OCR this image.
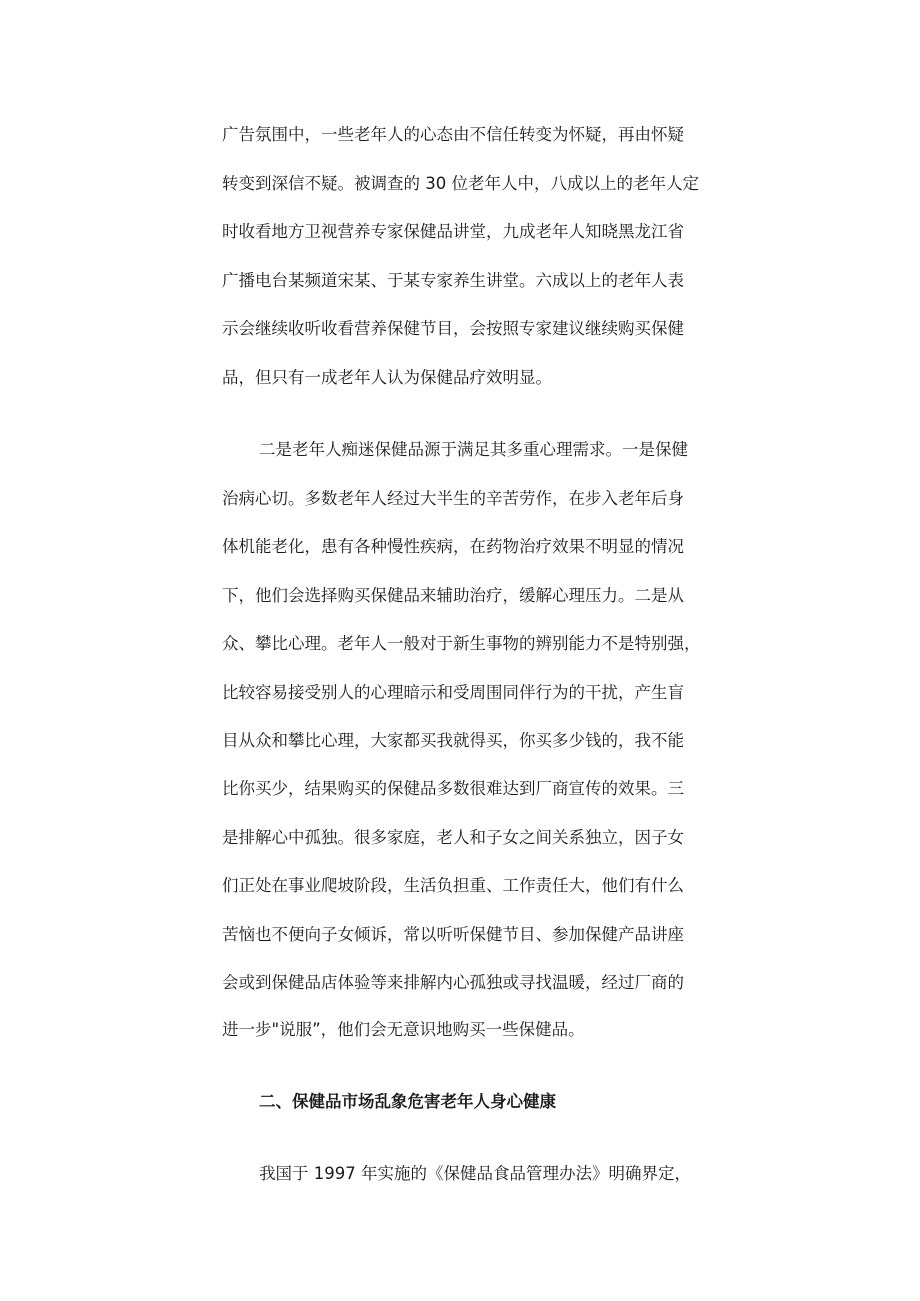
广告氛围中，一些老年人的心态由不信任转变为怀疑，再由怀疑
转变到深信不疑。被调查的 30 位老年人中，八成以上的老年人定
时收看地方卫视营养专家保健品讲堂，九成老年人知晓黑龙江省
广播电台某频道宋某、于某专家养生讲堂。六成以上的老年人表
示会继续收听收看营养保健节目，会按照专家建议继续购买保健
品，但只有一成老年人认为保健品疗效明显。
二是老年人痴迷保健品源于满足其多重心理需求。一是保健
治病心切。多数老年人经过大半生的辛苦劳作，在步入老年后身
体机能老化，患有各种慢性疾病，在药物治疗效果不明显的情况
下，他们会选择购买保健品来辅助治疗，缓解心理压力。二是从
众、攀比心理。老年人一般对于新生事物的辨别能力不是特别强，
比较容易接受别人的心理暗示和受周围同伴行为的干扰，产生盲
目从众和攀比心理，大家都买我就得买，你买多少钱的，我不能
比你买少，结果购买的保健品多数很难达到厂商宣传的效果。三
是排解心中孤独。很多家庭，老人和子女之间关系独立，因子女
们正处在事业爬坡阶段，生活负担重、工作责任大，他们有什么
苦恼也不便向子女倾诉，常以听听保健节目、参加保健产品讲座
会或到保健品店体验等来排解内心孤独或寻找温暖，经过厂商的
进一步"说服”，他们会无意识地购买一些保健品。
二、保健品市场乱象危害老年人身心健康
我国于 1997 年实施的《保健品食品管理办法》明确界定，
